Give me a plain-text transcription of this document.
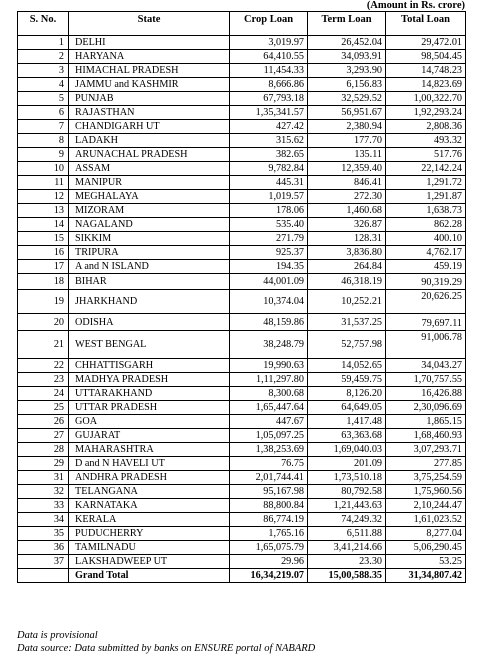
(Amount in Rs. crore)
S. No.	State	Crop Loan	Term Loan	Total Loan
1	DELHI	3,019.97	26,452.04	29,472.01
2	HARYANA	64,410.55	34,093.91	98,504.45
3	HIMACHAL PRADESH	11,454.33	3,293.90	14,748.23
4	JAMMU and KASHMIR	8,666.86	6,156.83	14,823.69
5	PUNJAB	67,793.18	32,529.52	1,00,322.70
6	RAJASTHAN	1,35,341.57	56,951.67	1,92,293.24
7	CHANDIGARH UT	427.42	2,380.94	2,808.36
8	LADAKH	315.62	177.70	493.32
9	ARUNACHAL PRADESH	382.65	135.11	517.76
10	ASSAM	9,782.84	12,359.40	22,142.24
11	MANIPUR	445.31	846.41	1,291.72
12	MEGHALAYA	1,019.57	272.30	1,291.87
13	MIZORAM	178.06	1,460.68	1,638.73
14	NAGALAND	535.40	326.87	862.28
15	SIKKIM	271.79	128.31	400.10
16	TRIPURA	925.37	3,836.80	4,762.17
17	A and N ISLAND	194.35	264.84	459.19
18	BIHAR	44,001.09	46,318.19	90,319.29
19	JHARKHAND	10,374.04	10,252.21	20,626.25
20	ODISHA	48,159.86	31,537.25	79,697.11
21	WEST BENGAL	38,248.79	52,757.98	91,006.78
22	CHHATTISGARH	19,990.63	14,052.65	34,043.27
23	MADHYA PRADESH	1,11,297.80	59,459.75	1,70,757.55
24	UTTARAKHAND	8,300.68	8,126.20	16,426.88
25	UTTAR PRADESH	1,65,447.64	64,649.05	2,30,096.69
26	GOA	447.67	1,417.48	1,865.15
27	GUJARAT	1,05,097.25	63,363.68	1,68,460.93
28	MAHARASHTRA	1,38,253.69	1,69,040.03	3,07,293.71
29	D and N HAVELI UT	76.75	201.09	277.85
31	ANDHRA PRADESH	2,01,744.41	1,73,510.18	3,75,254.59
32	TELANGANA	95,167.98	80,792.58	1,75,960.56
33	KARNATAKA	88,800.84	1,21,443.63	2,10,244.47
34	KERALA	86,774.19	74,249.32	1,61,023.52
35	PUDUCHERRY	1,765.16	6,511.88	8,277.04
36	TAMILNADU	1,65,075.79	3,41,214.66	5,06,290.45
37	LAKSHADWEEP UT	29.96	23.30	53.25
	Grand Total	16,34,219.07	15,00,588.35	31,34,807.42
Data is provisional
Data source: Data submitted by banks on ENSURE portal of NABARD
